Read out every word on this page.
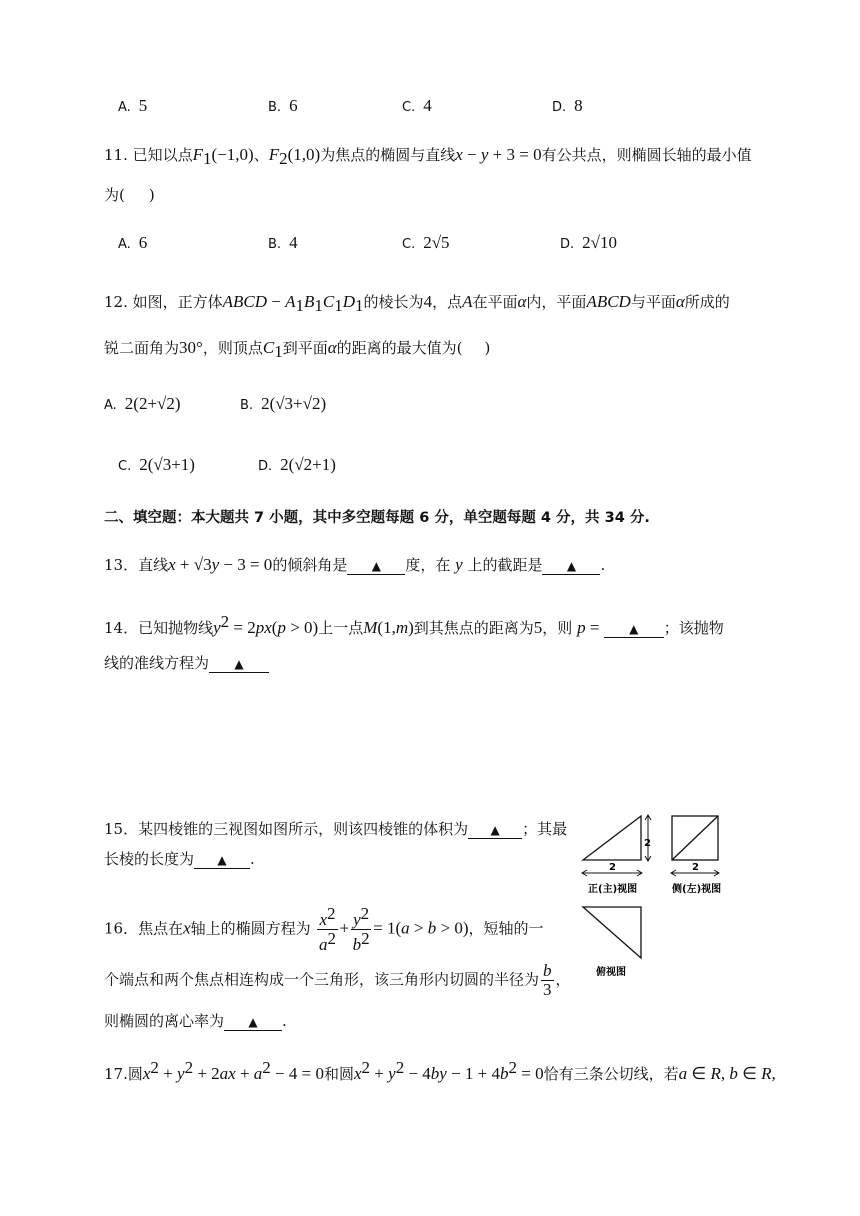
A. 5	B. 6	C. 4	D. 8
11. 已知以点$F_1(-1,0)$、$F_2(1,0)$为焦点的椭圆与直线x − y + 3 = 0有公共点，则椭圆长轴的最小值
为( )
A. 6	B. 4	C. 2√5	D. 2√10
12. 如图，正方体ABCD − $A_1B_1C_1D_1$的棱长为4，点A在平面α内，平面ABCD与平面α所成的
锐二面角为30°，则顶点$C_1$到平面α的距离的最大值为( )
A. 2(2+√2)	B. 2(√3+√2)
C. 2(√3+1)	D. 2(√2+1)
二、填空题：本大题共 7 小题，其中多空题每题 6 分，单空题每题 4 分，共 34 分.
13．直线x + √3y − 3 = 0的倾斜角是 ▲ 度，在 y 上的截距是 ▲ .
14．已知抛物线$y^2 = 2px(p > 0)$上一点M(1,m)到其焦点的距离为5，则 p = ▲ ；该抛物
线的准线方程为 ▲
15．某四棱锥的三视图如图所示，则该四棱锥的体积为 ▲ ；其最
长棱的长度为 ▲ .
2
2
正(主)视图
2
侧(左)视图
俯视图
16．焦点在x轴上的椭圆方程为 $\frac{x^2}{a^2} + \frac{y^2}{b^2} = 1(a > b > 0)$，短轴的一
个端点和两个焦点相连构成一个三角形，该三角形内切圆的半径为 $\frac{b}{3}$ ，
则椭圆的离心率为 ▲ .
17.圆$x^2 + y^2 + 2ax + a^2 - 4 = 0$和圆$x^2 + y^2 - 4by - 1 + 4b^2 = 0$恰有三条公切线，若a ∈ R, b ∈ R,
